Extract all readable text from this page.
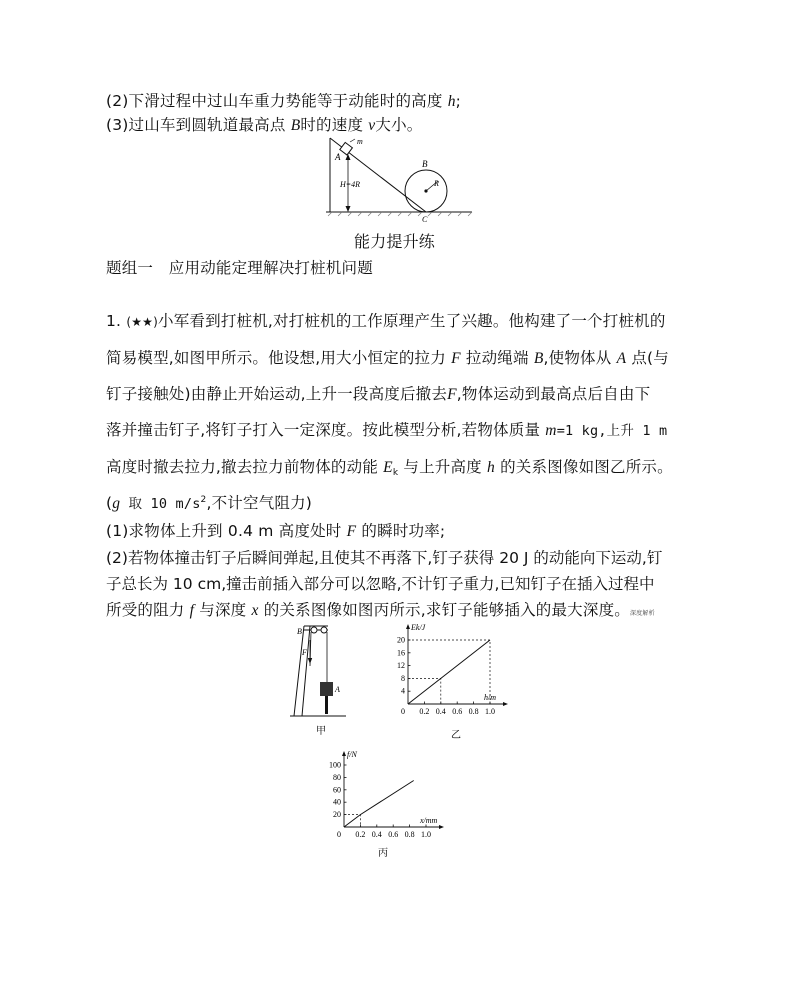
(2)下滑过程中过山车重力势能等于动能时的高度 h;
(3)过山车到圆轨道最高点 B时的速度 v大小。
m
A
H=4R
B
R
C
能力提升练
题组一　应用动能定理解决打桩机问题
1. (★★)小军看到打桩机,对打桩机的工作原理产生了兴趣。他构建了一个打桩机的
简易模型,如图甲所示。他设想,用大小恒定的拉力 F 拉动绳端 B,使物体从 A 点(与
钉子接触处)由静止开始运动,上升一段高度后撤去F,物体运动到最高点后自由下
落并撞击钉子,将钉子打入一定深度。按此模型分析,若物体质量 m=1 kg,上升 1 m
高度时撤去拉力,撤去拉力前物体的动能 $E_k$ 与上升高度 h 的关系图像如图乙所示。
(g 取 10 $m/s^2$,不计空气阻力)
(1)求物体上升到 0.4 m 高度处时 F 的瞬时功率;
(2)若物体撞击钉子后瞬间弹起,且使其不再落下,钉子获得 20 J 的动能向下运动,钉
子总长为 10 cm,撞击前插入部分可以忽略,不计钉子重力,已知钉子在插入过程中
所受的阻力 f 与深度 x 的关系图像如图丙所示,求钉子能够插入的最大深度。深度解析
B
F
A
甲
4
8
12
16
20
0 0.2 0.4 0.6 0.8 1.0
Ek/J
h/m
乙
20
40
60
80
100
0 0.2 0.4 0.6 0.8 1.0
f/N
x/mm
丙
